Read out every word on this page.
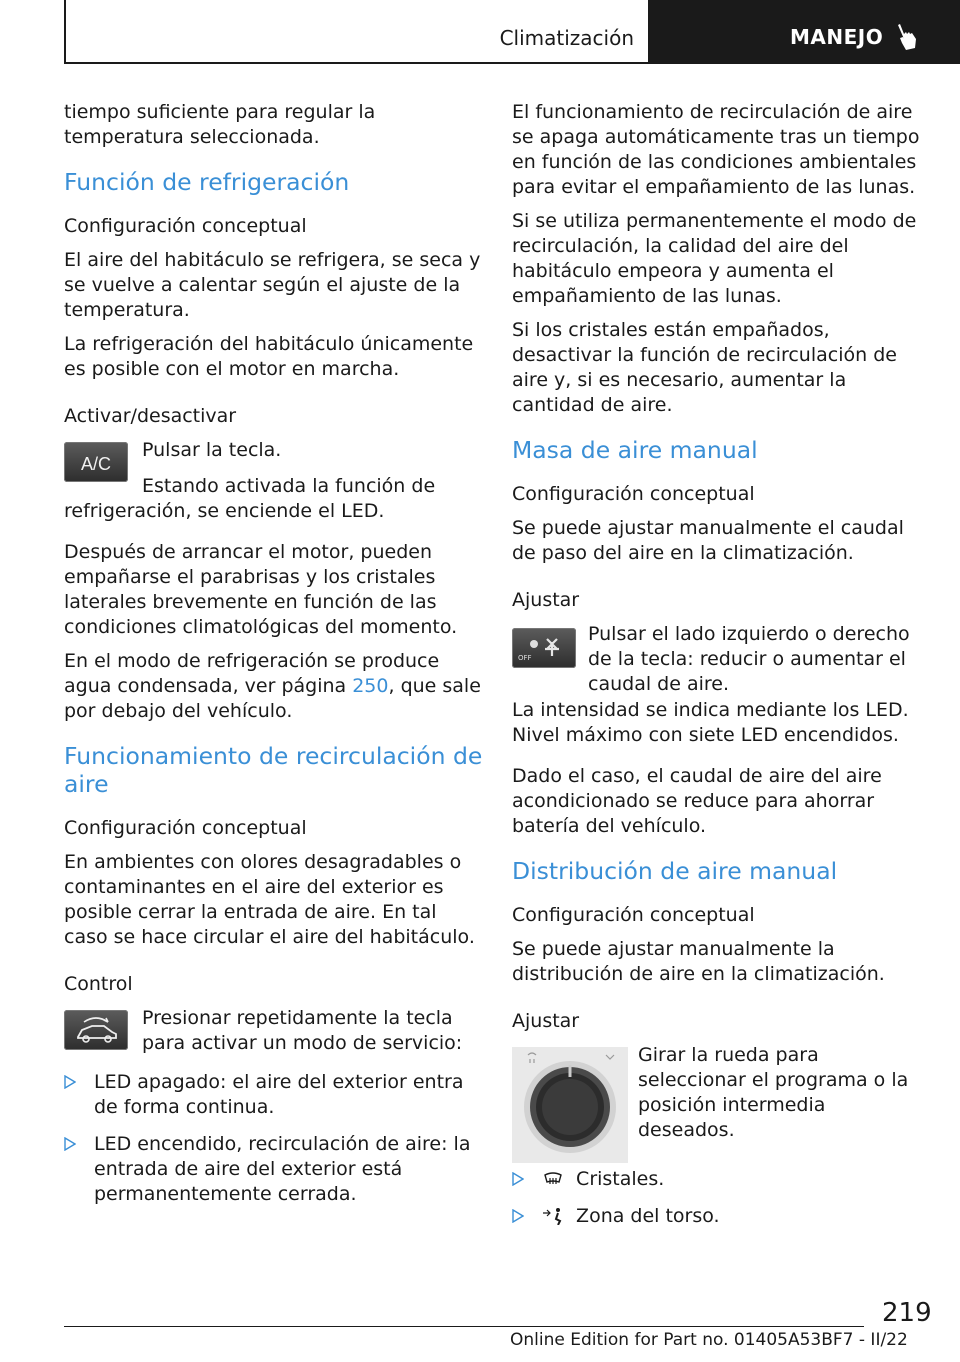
Climatización	MANEJO

tiempo suficiente para regular la temperatura seleccionada.

Función de refrigeración
Configuración conceptual

El aire del habitáculo se refrigera, se seca y se vuelve a calentar según el ajuste de la temperatura.

La refrigeración del habitáculo únicamente es posible con el motor en marcha.

Activar/desactivar
A/C

Pulsar la tecla.

Estando activada la función de refrigeración, se enciende el LED.

Después de arrancar el motor, pueden empañarse el parabrisas y los cristales laterales brevemente en función de las condiciones climatológicas del momento.

En el modo de refrigeración se produce agua condensada, ver página 250, que sale por debajo del vehículo.

Funcionamiento de recirculación de aire
Configuración conceptual

En ambientes con olores desagradables o contaminantes en el aire del exterior es posible cerrar la entrada de aire. En tal caso se hace circular el aire del habitáculo.

Control

Presionar repetidamente la tecla para activar un modo de servicio:

LED apagado: el aire del exterior entra de forma continua.
LED encendido, recirculación de aire: la entrada de aire del exterior está permanentemente cerrada.

El funcionamiento de recirculación de aire se apaga automáticamente tras un tiempo en función de las condiciones ambientales para evitar el empañamiento de las lunas.

Si se utiliza permanentemente el modo de recirculación, la calidad del aire del habitáculo empeora y aumenta el empañamiento de las lunas.

Si los cristales están empañados, desactivar la función de recirculación de aire y, si es necesario, aumentar la cantidad de aire.

Masa de aire manual
Configuración conceptual

Se puede ajustar manualmente el caudal de paso del aire en la climatización.

Ajustar
OFF

Pulsar el lado izquierdo o derecho de la tecla: reducir o aumentar el caudal de aire.

La intensidad se indica mediante los LED. Nivel máximo con siete LED encendidos.

Dado el caso, el caudal de aire del aire acondicionado se reduce para ahorrar batería del vehículo.

Distribución de aire manual
Configuración conceptual

Se puede ajustar manualmente la distribución de aire en la climatización.

Ajustar

Girar la rueda para seleccionar el programa o la posición intermedia deseados.

Cristales.
Zona del torso.
219
Online Edition for Part no. 01405A53BF7 - II/22
